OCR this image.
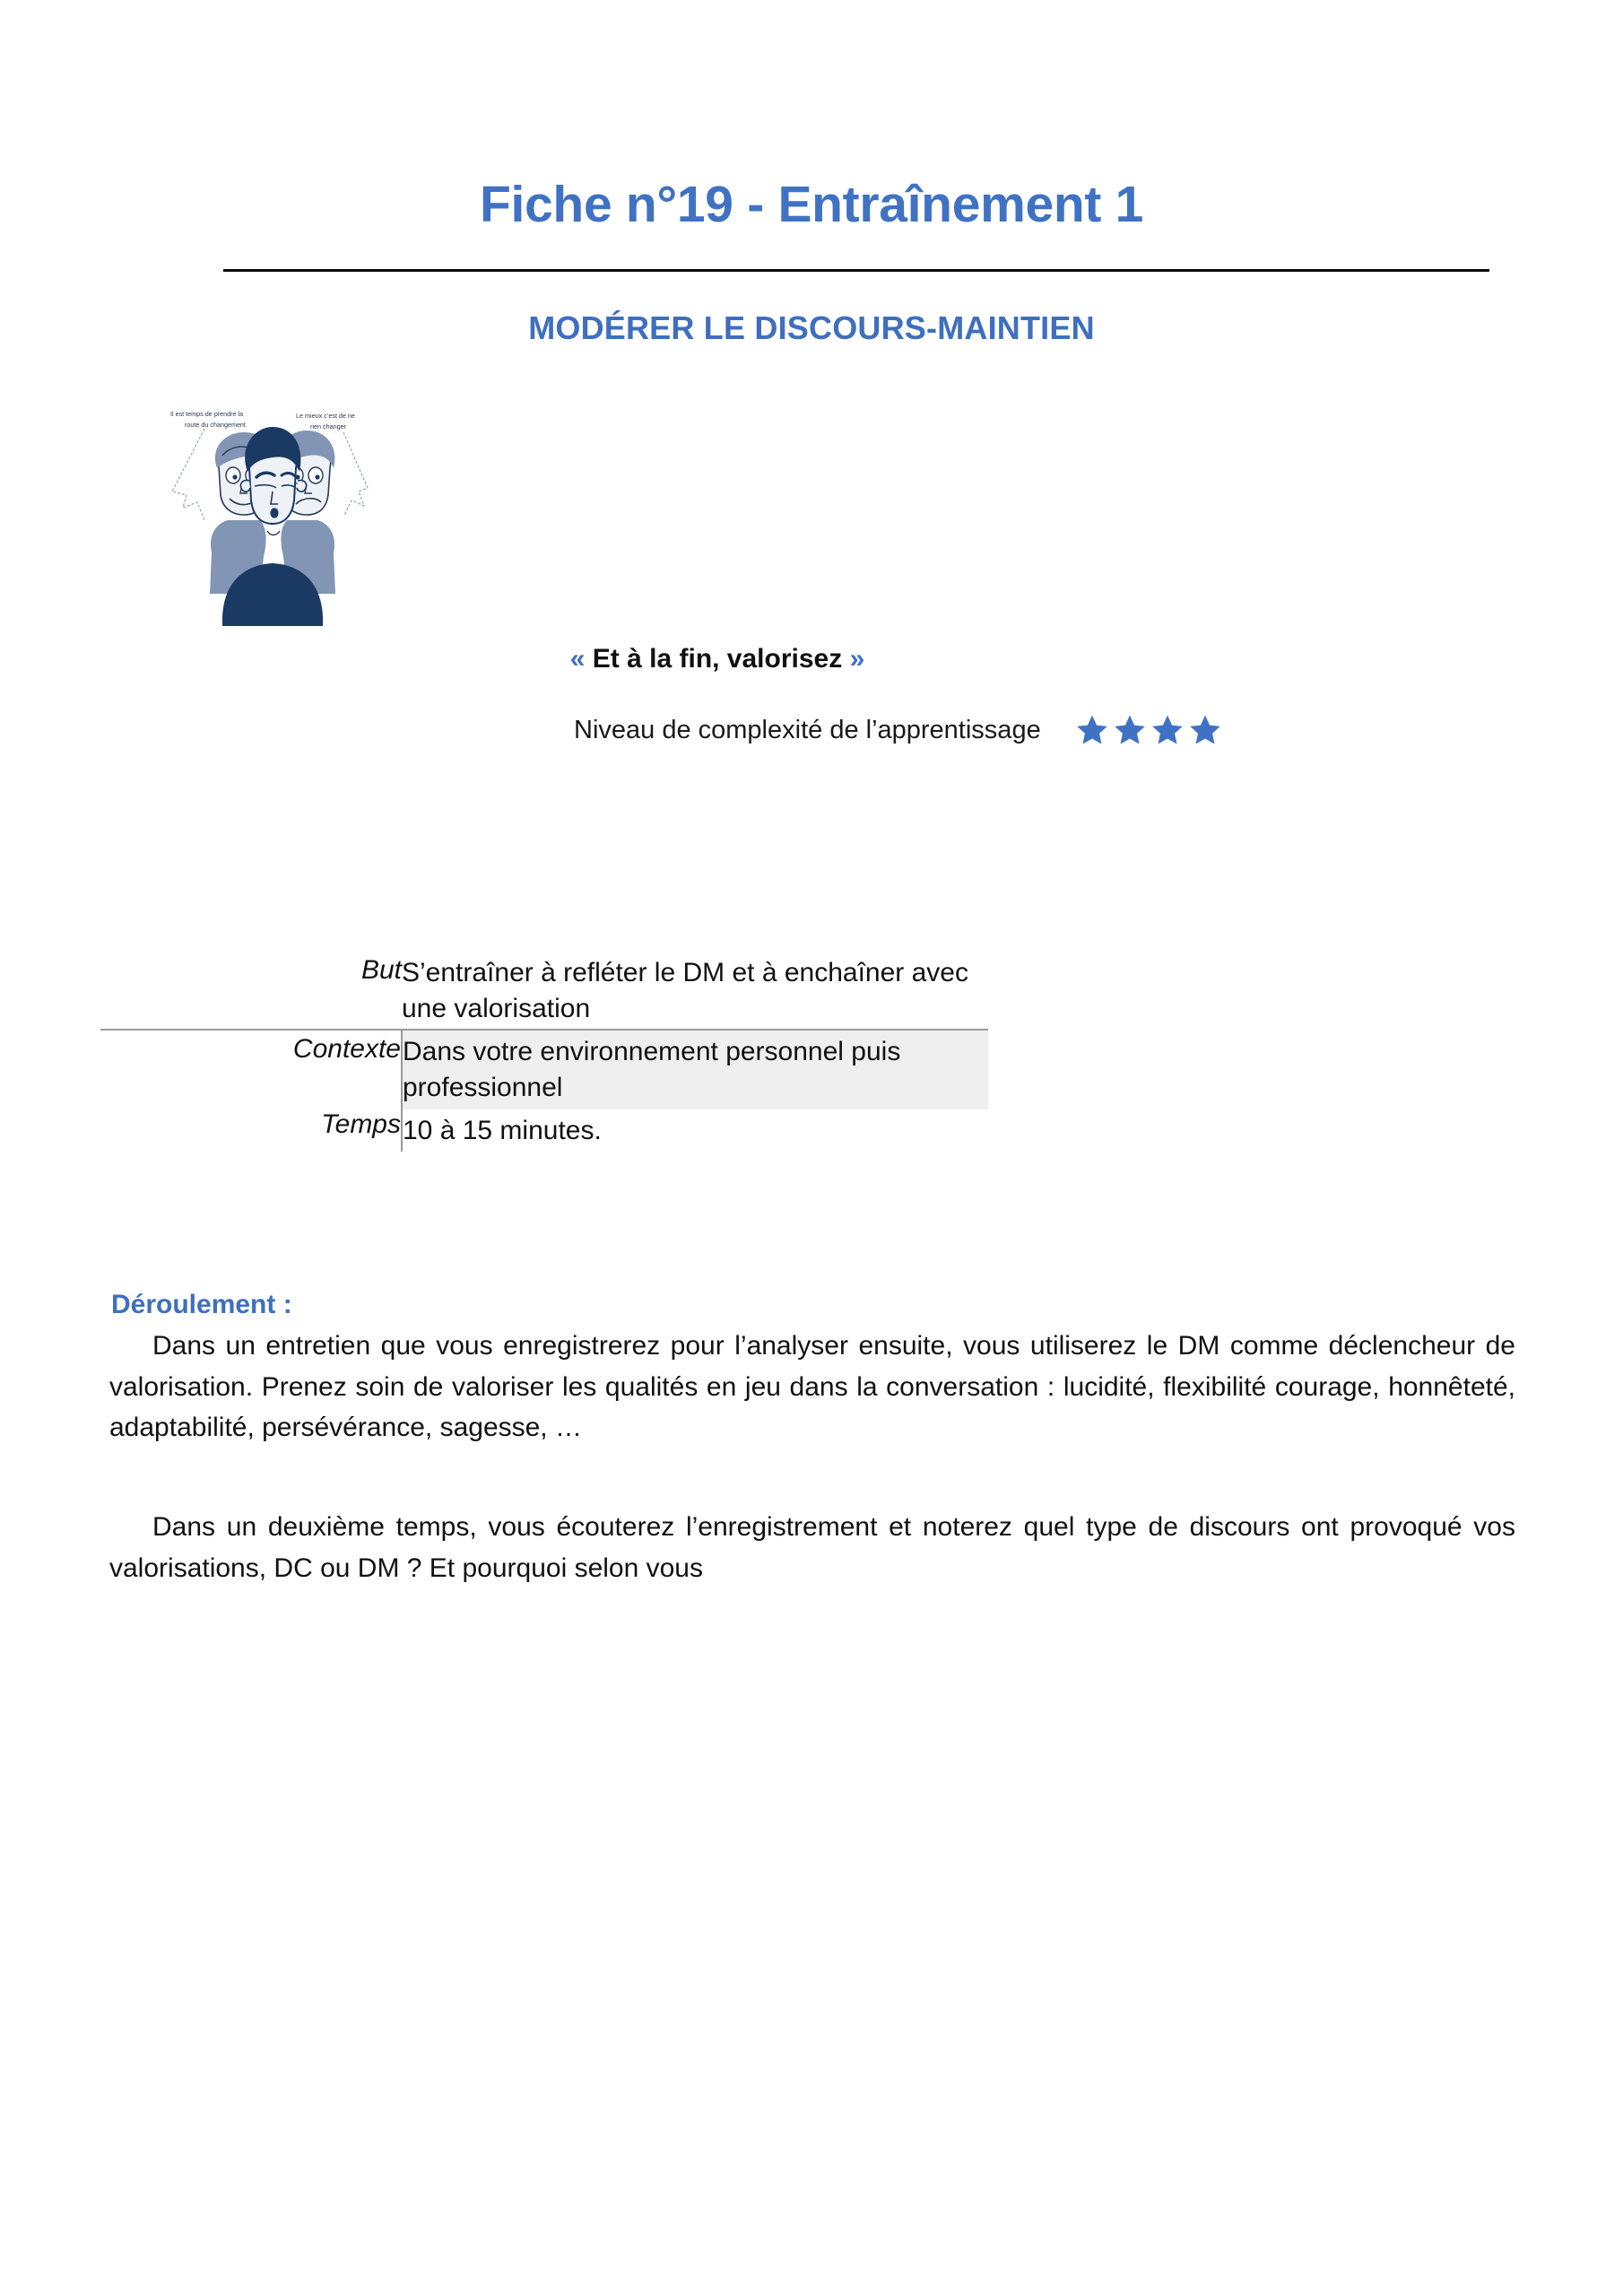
Fiche n°19 - Entraînement 1
MODÉRER LE DISCOURS-MAINTIEN
Il est temps de prendre la
route du changement
Le mieux c’est de ne
rien changer
« Et à la fin, valorisez »
Niveau de complexité de l’apprentissage
But	S’entraîner à refléter le DM et à enchaîner avec une valorisation
Contexte	Dans votre environnement personnel puis professionnel
Temps	10 à 15 minutes.
Déroulement :
Dans un entretien que vous enregistrerez pour l’analyser ensuite, vous utiliserez le DM comme déclencheur de valorisation. Prenez soin de valoriser les qualités en jeu dans la conversation : lucidité, flexibilité courage, honnêteté, adaptabilité, persévérance, sagesse, …
Dans un deuxième temps, vous écouterez l’enregistrement et noterez quel type de discours ont provoqué vos valorisations, DC ou DM ? Et pourquoi selon vous
